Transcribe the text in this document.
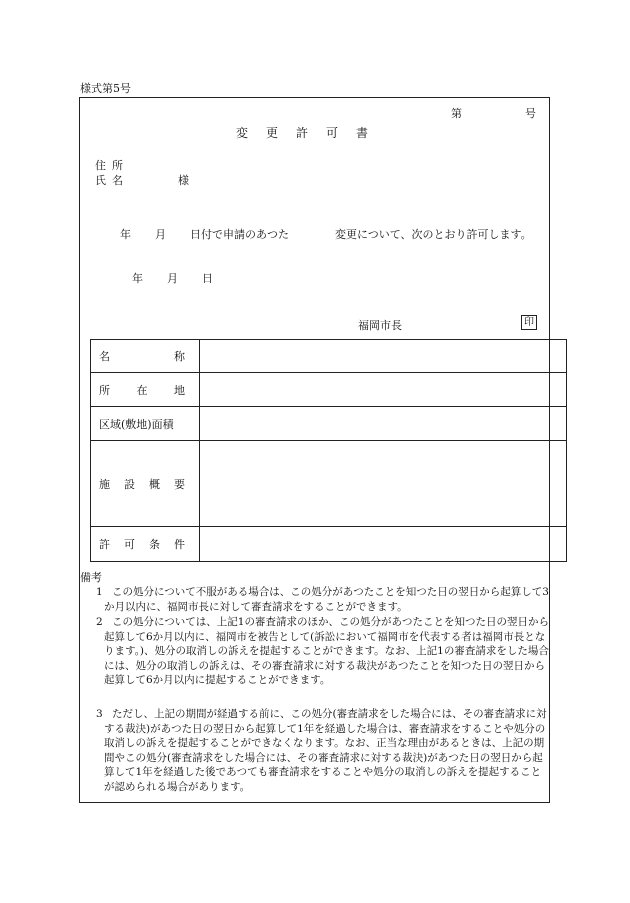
様式第5号
第	号
変更許可書
住所
氏名	様
年 月 日付で申請のあつた	変更について、次のとおり許可します。
年 月 日
福岡市長	印
名 称	

所 在 地	

区域(敷地)面積	

施 設 概 要	

許 可 条 件	

備考
1 この処分について不服がある場合は、この処分があつたことを知つた日の翌日から起算して3か月以内に、福岡市長に対して審査請求をすることができます。
2 この処分については、上記1の審査請求のほか、この処分があつたことを知つた日の翌日から起算して6か月以内に、福岡市を被告として(訴訟において福岡市を代表する者は福岡市長となります。)、処分の取消しの訴えを提起することができます。なお、上記1の審査請求をした場合には、処分の取消しの訴えは、その審査請求に対する裁決があつたことを知つた日の翌日から起算して6か月以内に提起することができます。
3 ただし、上記の期間が経過する前に、この処分(審査請求をした場合には、その審査請求に対する裁決)があつた日の翌日から起算して1年を経過した場合は、審査請求をすることや処分の取消しの訴えを提起することができなくなります。なお、正当な理由があるときは、上記の期間やこの処分(審査請求をした場合には、その審査請求に対する裁決)があつた日の翌日から起算して1年を経過した後であつても審査請求をすることや処分の取消しの訴えを提起することが認められる場合があります。
